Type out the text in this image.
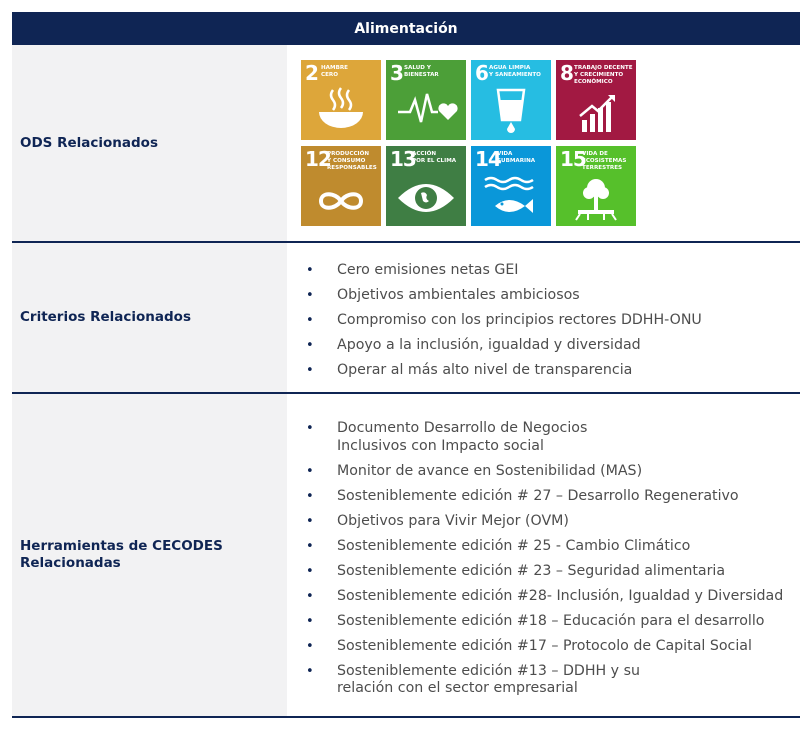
Alimentación
ODS Relacionados
2 HAMBRE
CERO	3 SALUD Y
BIENESTAR 6 AGUA LIMPIA
Y SANEAMIENTO 8 TRABAJO DECENTE
Y CRECIMIENTO
ECONÓMICO
12
PRODUCCIÓN
Y CONSUMO
RESPONSABLES 13
ACCIÓN
POR EL CLIMA 14
VIDA
SUBMARINA 15
VIDA DE
ECOSISTEMAS
TERRESTRES
Criterios Relacionados
• Cero emisiones netas GEI
• Objetivos ambientales ambiciosos
• Compromiso con los principios rectores DDHH-ONU
• Apoyo a la inclusión, igualdad y diversidad
• Operar al más alto nivel de transparencia
Herramientas de CECODES
Relacionadas
• Documento Desarrollo de Negocios
Inclusivos con Impacto social
• Monitor de avance en Sostenibilidad (MAS)
• Sosteniblemente edición # 27 – Desarrollo Regenerativo
• Objetivos para Vivir Mejor (OVM)
• Sosteniblemente edición # 25 - Cambio Climático
• Sosteniblemente edición # 23 – Seguridad alimentaria
• Sosteniblemente edición #28- Inclusión, Igualdad y Diversidad
• Sosteniblemente edición #18 – Educación para el desarrollo
• Sosteniblemente edición #17 – Protocolo de Capital Social
• Sosteniblemente edición #13 – DDHH y su
relación con el sector empresarial
